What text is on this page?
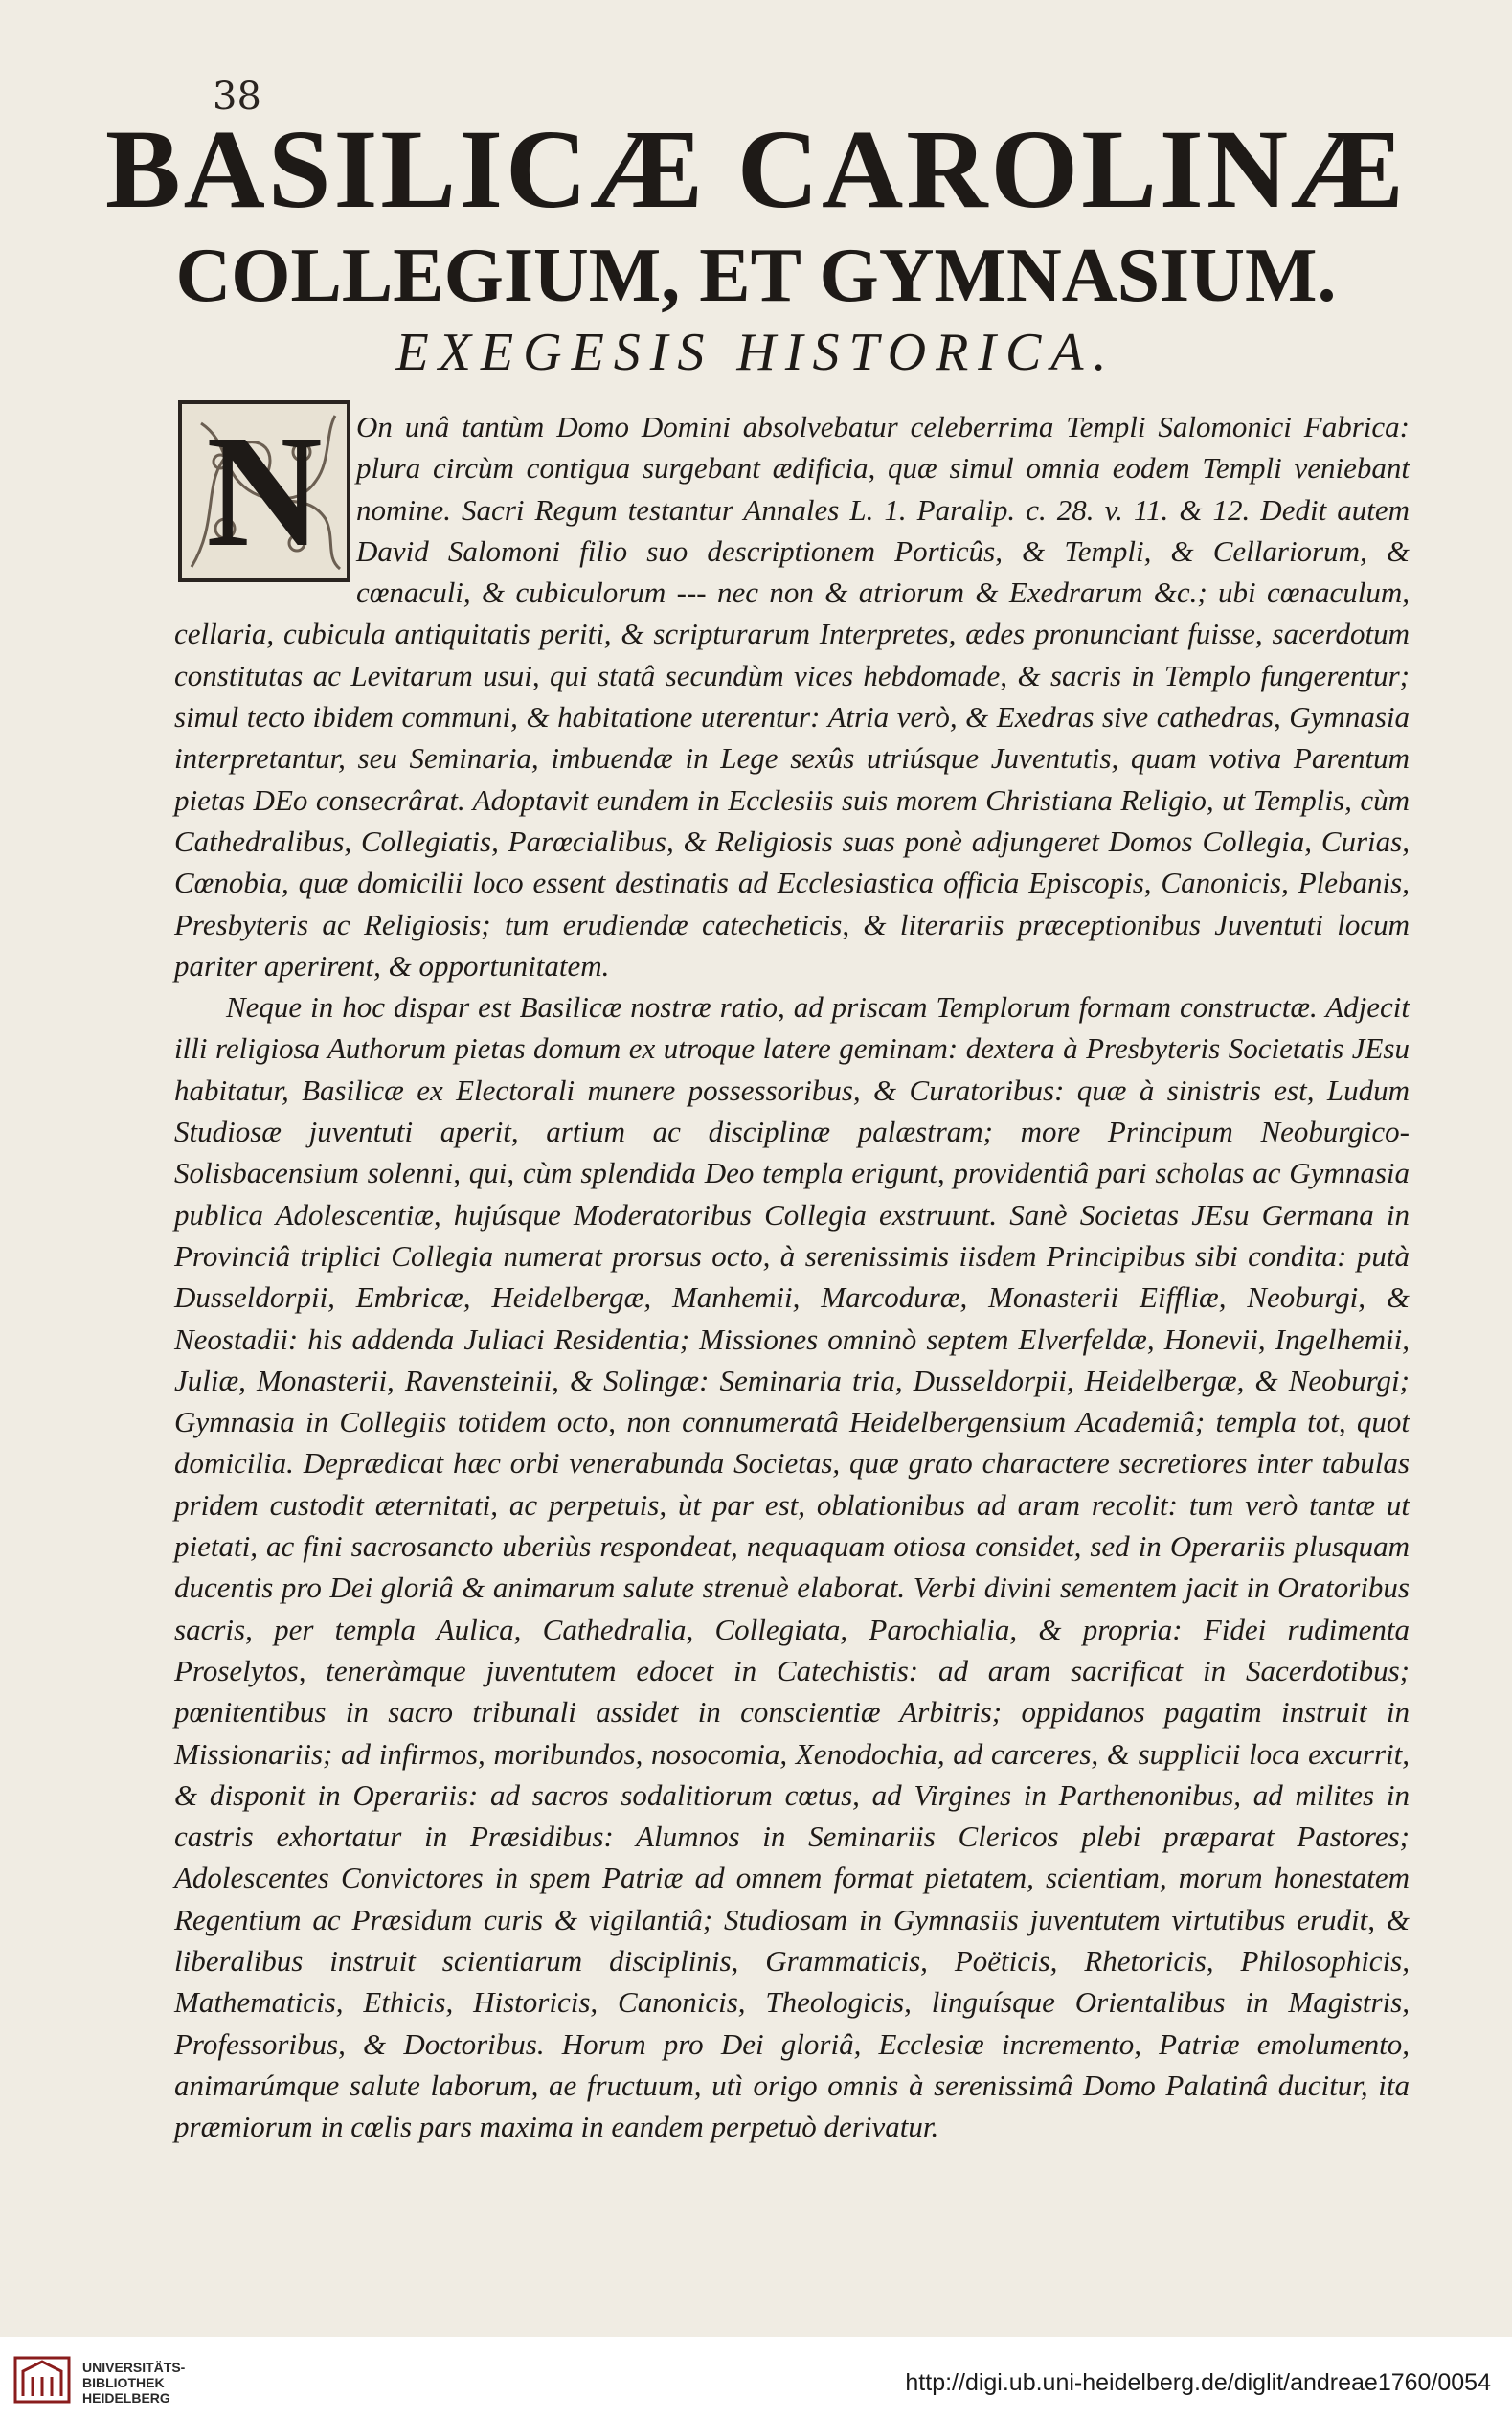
38
BASILICÆ CAROLINÆ
COLLEGIUM, ET GYMNASIUM.
EXEGESIS HISTORICA.
N	On unâ tantùm Domo Domini absolvebatur celeberrima Templi Salomonici Fabrica: plura circùm contigua surgebant ædificia, quæ simul omnia eodem Templi veniebant nomine. Sacri Regum testantur Annales L. 1. Paralip. c. 28. v. 11. & 12. Dedit autem David Salomoni filio suo descriptionem Porticûs, & Templi, & Cellariorum, & cœnaculi, & cubiculorum --- nec non & atriorum & Exedrarum &c.; ubi cœnaculum, cellaria, cubicula antiquitatis periti, & scripturarum Interpretes, ædes pronunciant fuisse, sacerdotum constitutas ac Levitarum usui, qui statâ secundùm vices hebdomade, & sacris in Templo fungerentur; simul tecto ibidem communi, & habitatione uterentur: Atria verò, & Exedras sive cathedras, Gymnasia interpretantur, seu Seminaria, imbuendæ in Lege sexûs utriúsque Juventutis, quam votiva Parentum pietas DEo consecrârat. Adoptavit eundem in Ecclesiis suis morem Christiana Religio, ut Templis, cùm Cathedralibus, Collegiatis, Parœcialibus, & Religiosis suas ponè adjungeret Domos Collegia, Curias, Cœnobia, quæ domicilii loco essent destinatis ad Ecclesiastica officia Episcopis, Canonicis, Plebanis, Presbyteris ac Religiosis; tum erudiendæ catecheticis, & literariis præceptionibus Juventuti locum pariter aperirent, & opportunitatem.

Neque in hoc dispar est Basilicæ nostræ ratio, ad priscam Templorum formam constructæ. Adjecit illi religiosa Authorum pietas domum ex utroque latere geminam: dextera à Presbyteris Societatis JEsu habitatur, Basilicæ ex Electorali munere possessoribus, & Curatoribus: quæ à sinistris est, Ludum Studiosæ juventuti aperit, artium ac disciplinæ palæstram; more Principum Neoburgico-Solisbacensium solenni, qui, cùm splendida Deo templa erigunt, providentiâ pari scholas ac Gymnasia publica Adolescentiæ, hujúsque Moderatoribus Collegia exstruunt. Sanè Societas JEsu Germana in Provinciâ triplici Collegia numerat prorsus octo, à serenissimis iisdem Principibus sibi condita: putà Dusseldorpii, Embricæ, Heidelbergæ, Manhemii, Marcoduræ, Monasterii Eiffliæ, Neoburgi, & Neostadii: his addenda Juliaci Residentia; Missiones omninò septem Elverfeldæ, Honevii, Ingelhemii, Juliæ, Monasterii, Ravensteinii, & Solingæ: Seminaria tria, Dusseldorpii, Heidelbergæ, & Neoburgi; Gymnasia in Collegiis totidem octo, non connumeratâ Heidelbergensium Academiâ; templa tot, quot domicilia. Deprædicat hæc orbi venerabunda Societas, quæ grato charactere secretiores inter tabulas pridem custodit æternitati, ac perpetuis, ùt par est, oblationibus ad aram recolit: tum verò tantæ ut pietati, ac fini sacrosancto uberiùs respondeat, nequaquam otiosa considet, sed in Operariis plusquam ducentis pro Dei gloriâ & animarum salute strenuè elaborat. Verbi divini sementem jacit in Oratoribus sacris, per templa Aulica, Cathedralia, Collegiata, Parochialia, & propria: Fidei rudimenta Proselytos, teneràmque juventutem edocet in Catechistis: ad aram sacrificat in Sacerdotibus; pœnitentibus in sacro tribunali assidet in conscientiæ Arbitris; oppidanos pagatim instruit in Missionariis; ad infirmos, moribundos, nosocomia, Xenodochia, ad carceres, & supplicii loca excurrit, & disponit in Operariis: ad sacros sodalitiorum cœtus, ad Virgines in Parthenonibus, ad milites in castris exhortatur in Præsidibus: Alumnos in Seminariis Clericos plebi præparat Pastores; Adolescentes Convictores in spem Patriæ ad omnem format pietatem, scientiam, morum honestatem Regentium ac Præsidum curis & vigilantiâ; Studiosam in Gymnasiis juventutem virtutibus erudit, & liberalibus instruit scientiarum disciplinis, Grammaticis, Poëticis, Rhetoricis, Philosophicis, Mathematicis, Ethicis, Historicis, Canonicis, Theologicis, linguísque Orientalibus in Magistris, Professoribus, & Doctoribus. Horum pro Dei gloriâ, Ecclesiæ incremento, Patriæ emolumento, animarúmque salute laborum, ae fructuum, utì origo omnis à serenissimâ Domo Palatinâ ducitur, ita præmiorum in cœlis pars maxima in eandem perpetuò derivatur.

UNIVERSITÄTS-
BIBLIOTHEK
HEIDELBERG
http://digi.ub.uni-heidelberg.de/diglit/andreae1760/0054
